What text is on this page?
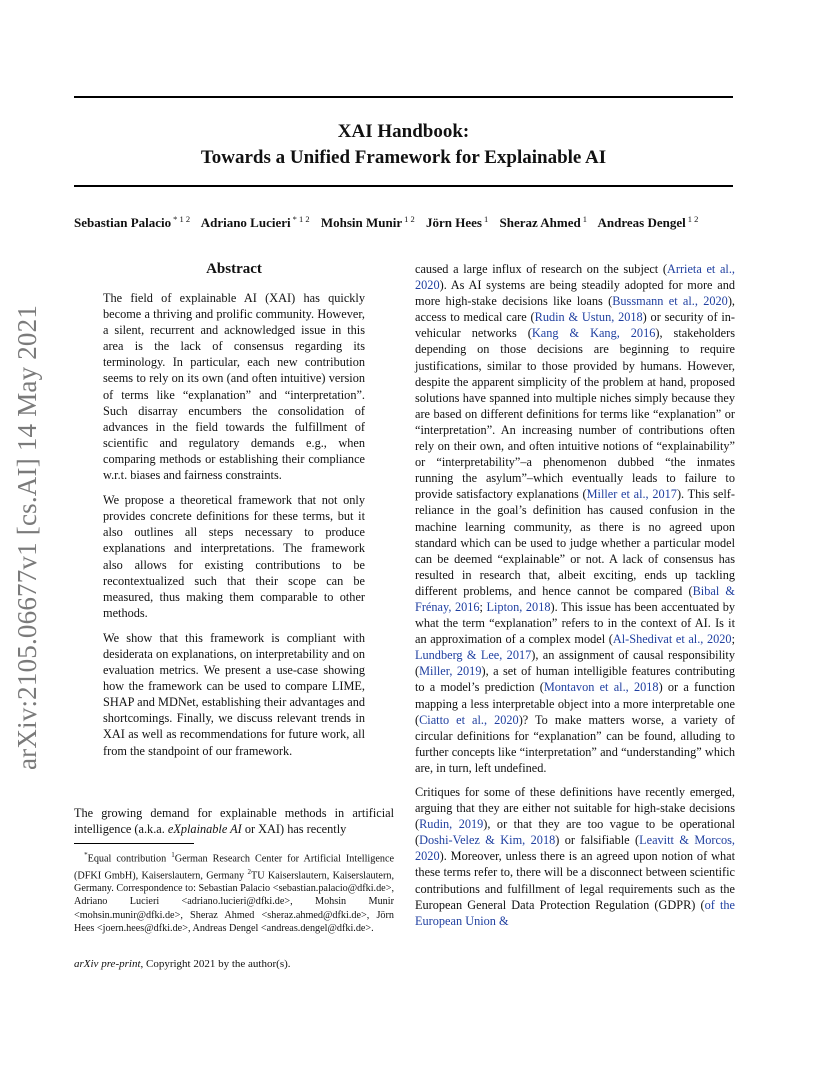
arXiv:2105.06677v1 [cs.AI] 14 May 2021
XAI Handbook:
Towards a Unified Framework for Explainable AI
Sebastian Palacio $^{* 1 2}$ Adriano Lucieri $^{* 1 2}$ Mohsin Munir $^{1 2}$ Jörn Hees $^1$ Sheraz Ahmed $^1$ Andreas Dengel $^{1 2}$
Abstract

The field of explainable AI (XAI) has quickly become a thriving and prolific community. However, a silent, recurrent and acknowledged issue in this area is the lack of consensus regarding its terminology. In particular, each new contribution seems to rely on its own (and often intuitive) version of terms like “explanation” and “interpretation”. Such disarray encumbers the consolidation of advances in the field towards the fulfillment of scientific and regulatory demands e.g., when comparing methods or establishing their compliance w.r.t. biases and fairness constraints.

We propose a theoretical framework that not only provides concrete definitions for these terms, but it also outlines all steps necessary to produce explanations and interpretations. The framework also allows for existing contributions to be recontextualized such that their scope can be measured, thus making them comparable to other methods.

We show that this framework is compliant with desiderata on explanations, on interpretability and on evaluation metrics. We present a use-case showing how the framework can be used to compare LIME, SHAP and MDNet, establishing their advantages and shortcomings. Finally, we discuss relevant trends in XAI as well as recommendations for future work, all from the standpoint of our framework.

The growing demand for explainable methods in artificial intelligence (a.k.a. eXplainable AI or XAI) has recently

*Equal contribution $^1$German Research Center for Artificial Intelligence (DFKI GmbH), Kaiserslautern, Germany $^2$TU Kaiserslautern, Kaiserslautern, Germany. Correspondence to: Sebastian Palacio <sebastian.palacio@dfki.de>, Adriano Lucieri <adriano.lucieri@dfki.de>, Mohsin Munir <mohsin.munir@dfki.de>, Sheraz Ahmed <sheraz.ahmed@dfki.de>, Jörn Hees <joern.hees@dfki.de>, Andreas Dengel <andreas.dengel@dfki.de>.

arXiv pre-print, Copyright 2021 by the author(s).

caused a large influx of research on the subject (Arrieta et al., 2020). As AI systems are being steadily adopted for more and more high-stake decisions like loans (Bussmann et al., 2020), access to medical care (Rudin & Ustun, 2018) or security of in-vehicular networks (Kang & Kang, 2016), stakeholders depending on those decisions are beginning to require justifications, similar to those provided by humans. However, despite the apparent simplicity of the problem at hand, proposed solutions have spanned into multiple niches simply because they are based on different definitions for terms like “explanation” or “interpretation”. An increasing number of contributions often rely on their own, and often intuitive notions of “explainability” or “interpretability”–a phenomenon dubbed “the inmates running the asylum”–which eventually leads to failure to provide satisfactory explanations (Miller et al., 2017). This self-reliance in the goal’s definition has caused confusion in the machine learning community, as there is no agreed upon standard which can be used to judge whether a particular model can be deemed “explainable” or not. A lack of consensus has resulted in research that, albeit exciting, ends up tackling different problems, and hence cannot be compared (Bibal & Frénay, 2016; Lipton, 2018). This issue has been accentuated by what the term “explanation” refers to in the context of AI. Is it an approximation of a complex model (Al-Shedivat et al., 2020; Lundberg & Lee, 2017), an assignment of causal responsibility (Miller, 2019), a set of human intelligible features contributing to a model’s prediction (Montavon et al., 2018) or a function mapping a less interpretable object into a more interpretable one (Ciatto et al., 2020)? To make matters worse, a variety of circular definitions for “explanation” can be found, alluding to further concepts like “interpretation” and “understanding” which are, in turn, left undefined.

Critiques for some of these definitions have recently emerged, arguing that they are either not suitable for high-stake decisions (Rudin, 2019), or that they are too vague to be operational (Doshi-Velez & Kim, 2018) or falsifiable (Leavitt & Morcos, 2020). Moreover, unless there is an agreed upon notion of what these terms refer to, there will be a disconnect between scientific contributions and fulfillment of legal requirements such as the European General Data Protection Regulation (GDPR) (of the European Union &
